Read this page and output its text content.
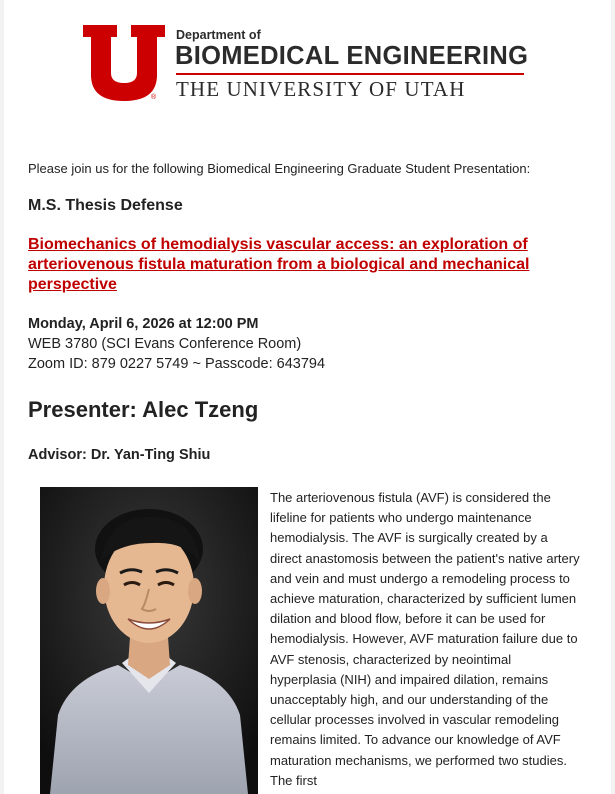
®
Department of
BIOMEDICAL ENGINEERING
THE UNIVERSITY OF UTAH
Please join us for the following Biomedical Engineering Graduate Student Presentation:
M.S. Thesis Defense
Biomechanics of hemodialysis vascular access: an exploration of arteriovenous fistula maturation from a biological and mechanical perspective
Monday, April 6, 2026 at 12:00 PM
WEB 3780 (SCI Evans Conference Room)
Zoom ID: 879 0227 5749 ~ Passcode: 643794
Presenter: Alec Tzeng
Advisor: Dr. Yan-Ting Shiu
The arteriovenous fistula (AVF) is considered the lifeline for patients who undergo maintenance hemodialysis. The AVF is surgically created by a direct anastomosis between the patient's native artery and vein and must undergo a remodeling process to achieve maturation, characterized by sufficient lumen dilation and blood flow, before it can be used for hemodialysis. However, AVF maturation failure due to AVF stenosis, characterized by neointimal hyperplasia (NIH) and impaired dilation, remains unacceptably high, and our understanding of the cellular processes involved in vascular remodeling remains limited. To advance our knowledge of AVF maturation mechanisms, we performed two studies. The first
